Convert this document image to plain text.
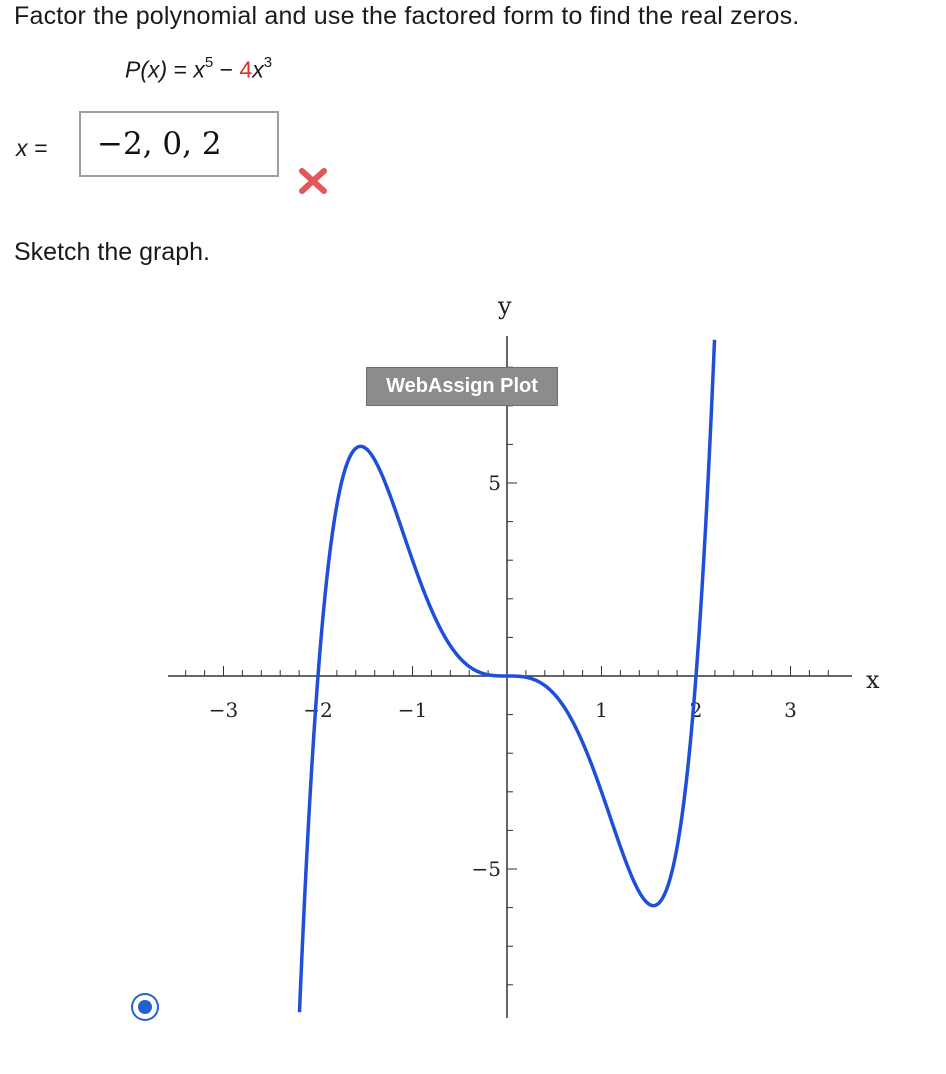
Factor the polynomial and use the factored form to find the real zeros.
$P(x) = x^5 - 4x^3$
x =	−2, 0, 2
Sketch the graph.
x
y
−3	−2	−1	1	2	3
5
−5
WebAssign Plot
